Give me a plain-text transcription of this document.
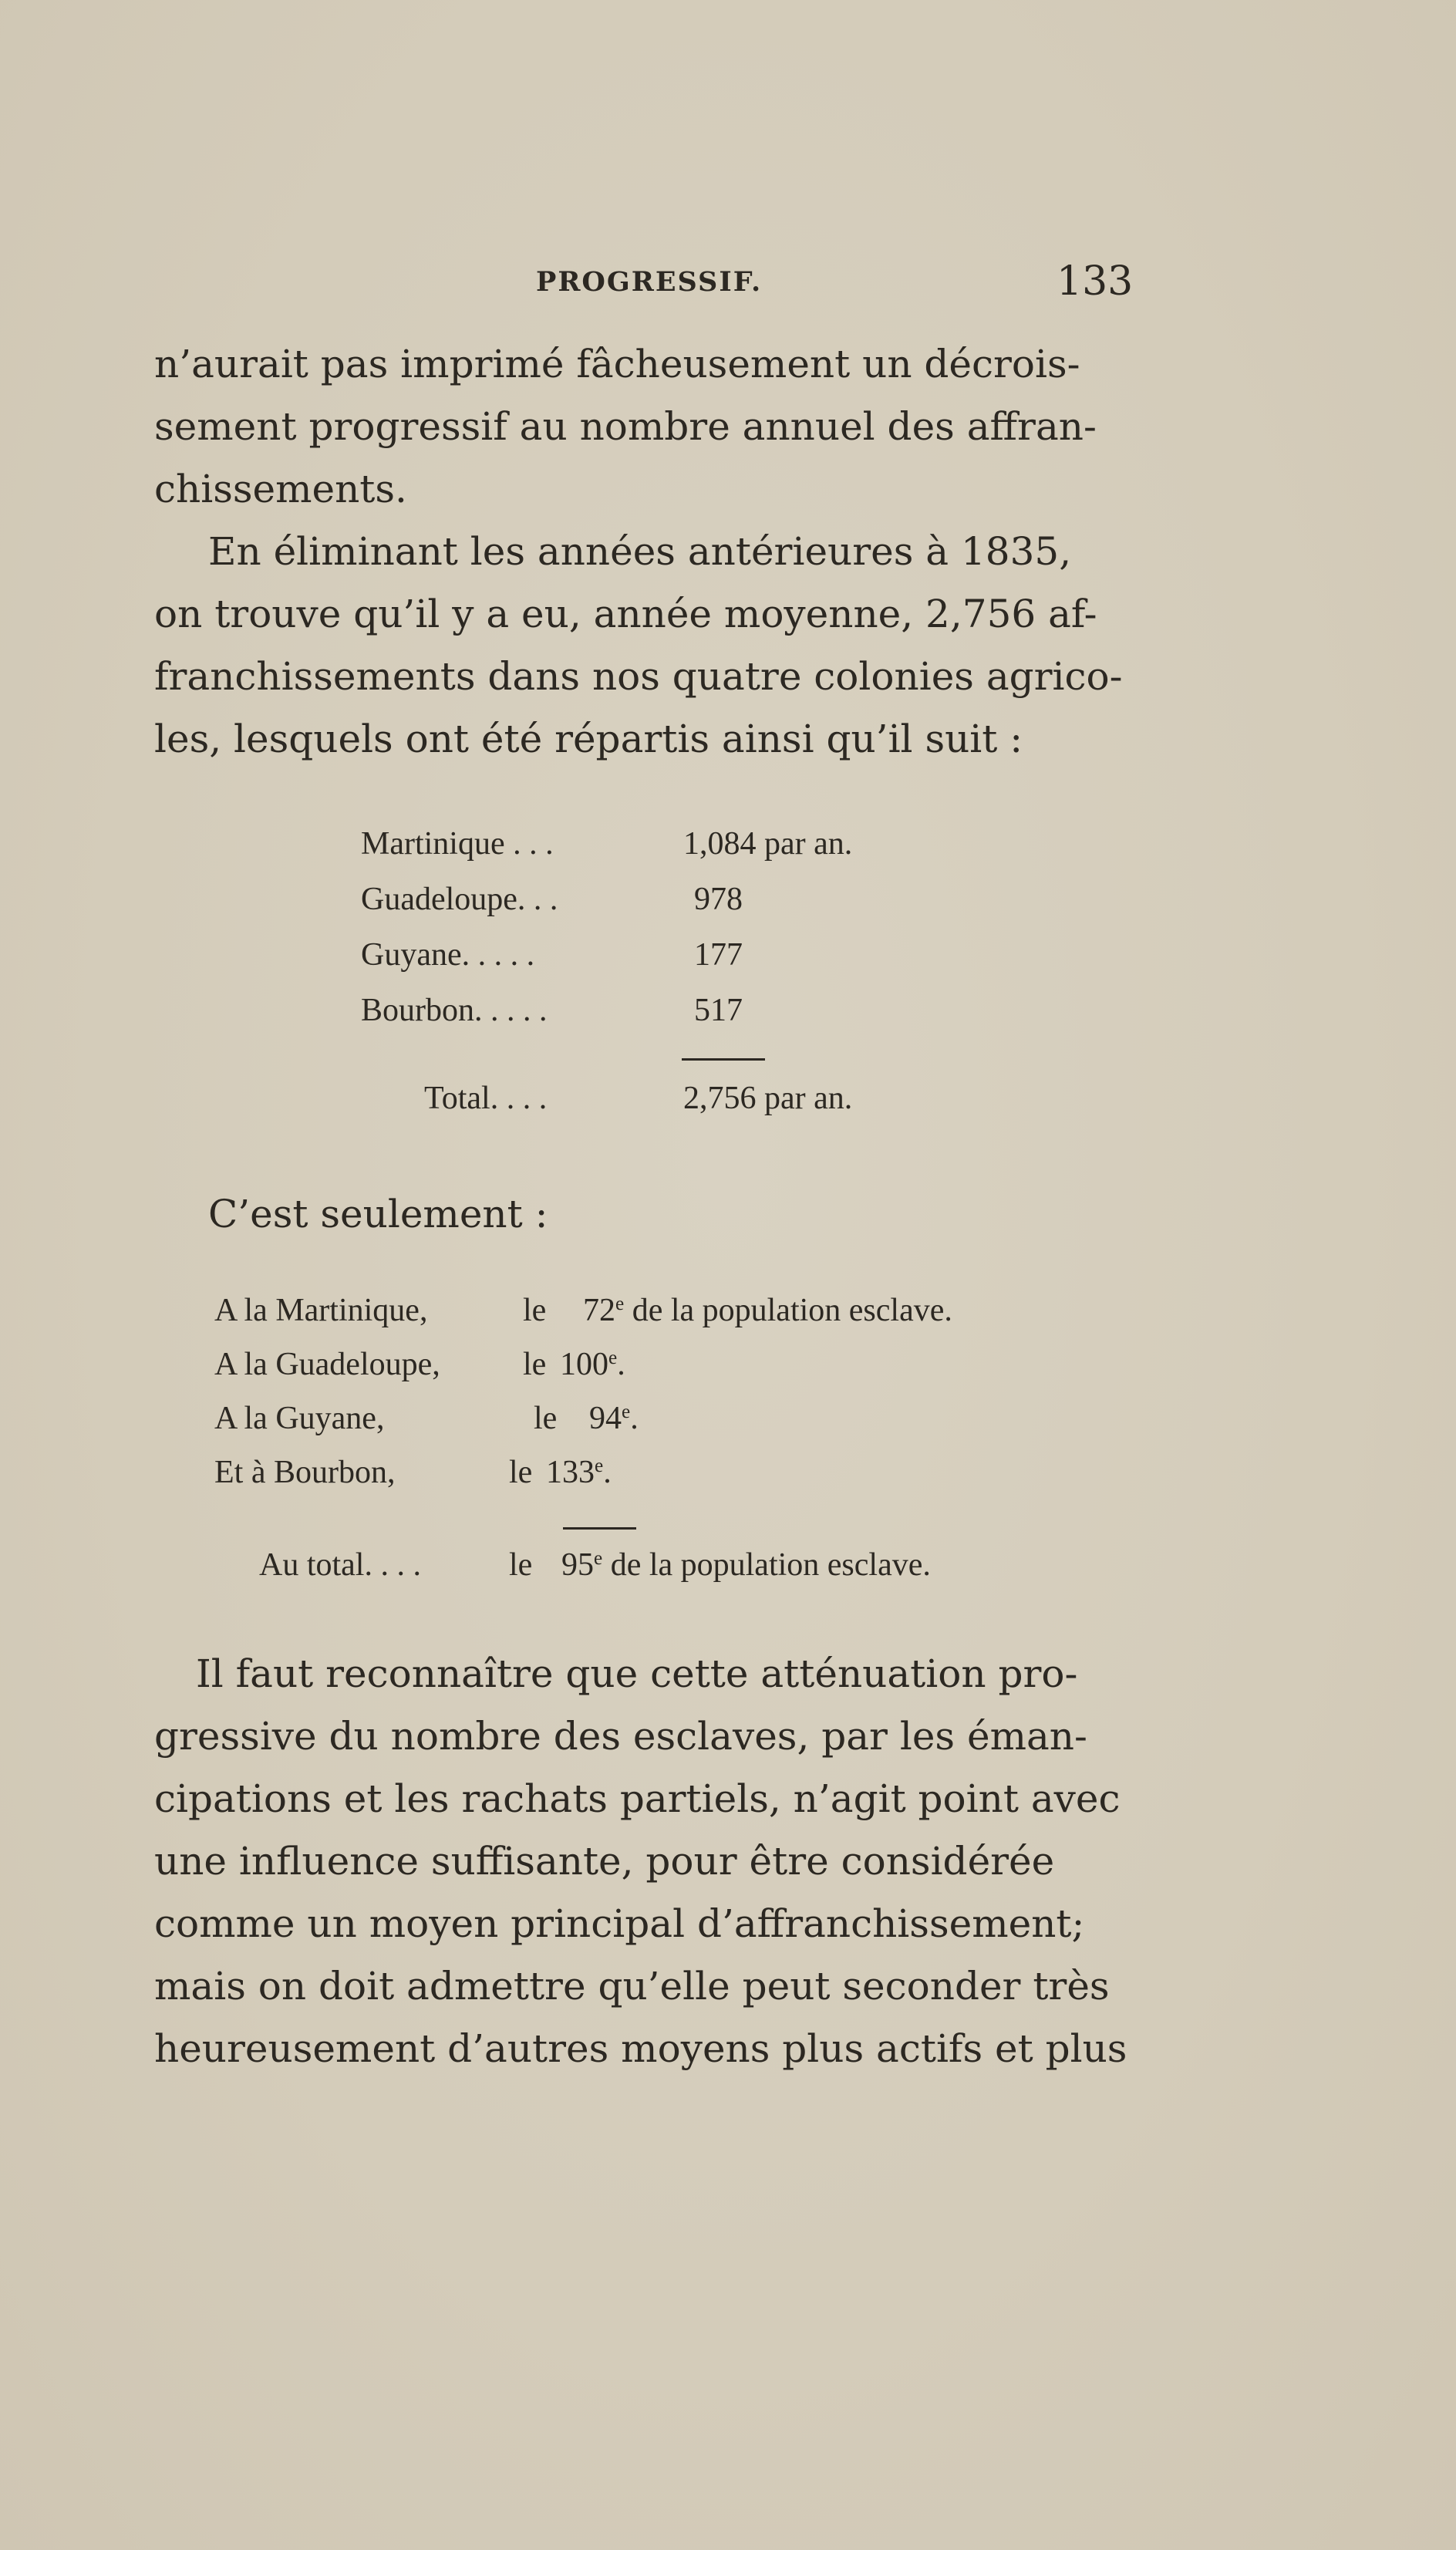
PROGRESSIF.	133
n’aurait pas imprimé fâcheusement un décrois-
sement progressif au nombre annuel des affran-
chissements.
En éliminant les années antérieures à 1835,
on trouve qu’il y a eu, année moyenne, 2,756 af-
franchissements dans nos quatre colonies agrico-
les, lesquels ont été répartis ainsi qu’il suit :
Martinique . . .	1,084 par an.
Guadeloupe. . .	978
Guyane. . . . .	177
Bourbon. . . . .	517
Total. . . .	2,756 par an.
C’est seulement :
A la Martinique,	le 72e de la population esclave.
A la Guadeloupe,	le 100e.
A la Guyane,	le 94e.
Et à Bourbon,	le 133e.
Au total. . . .	le 95e de la population esclave.
Il faut reconnaître que cette atténuation pro-
gressive du nombre des esclaves, par les éman-
cipations et les rachats partiels, n’agit point avec
une influence suffisante, pour être considérée
comme un moyen principal d’affranchissement;
mais on doit admettre qu’elle peut seconder très
heureusement d’autres moyens plus actifs et plus
